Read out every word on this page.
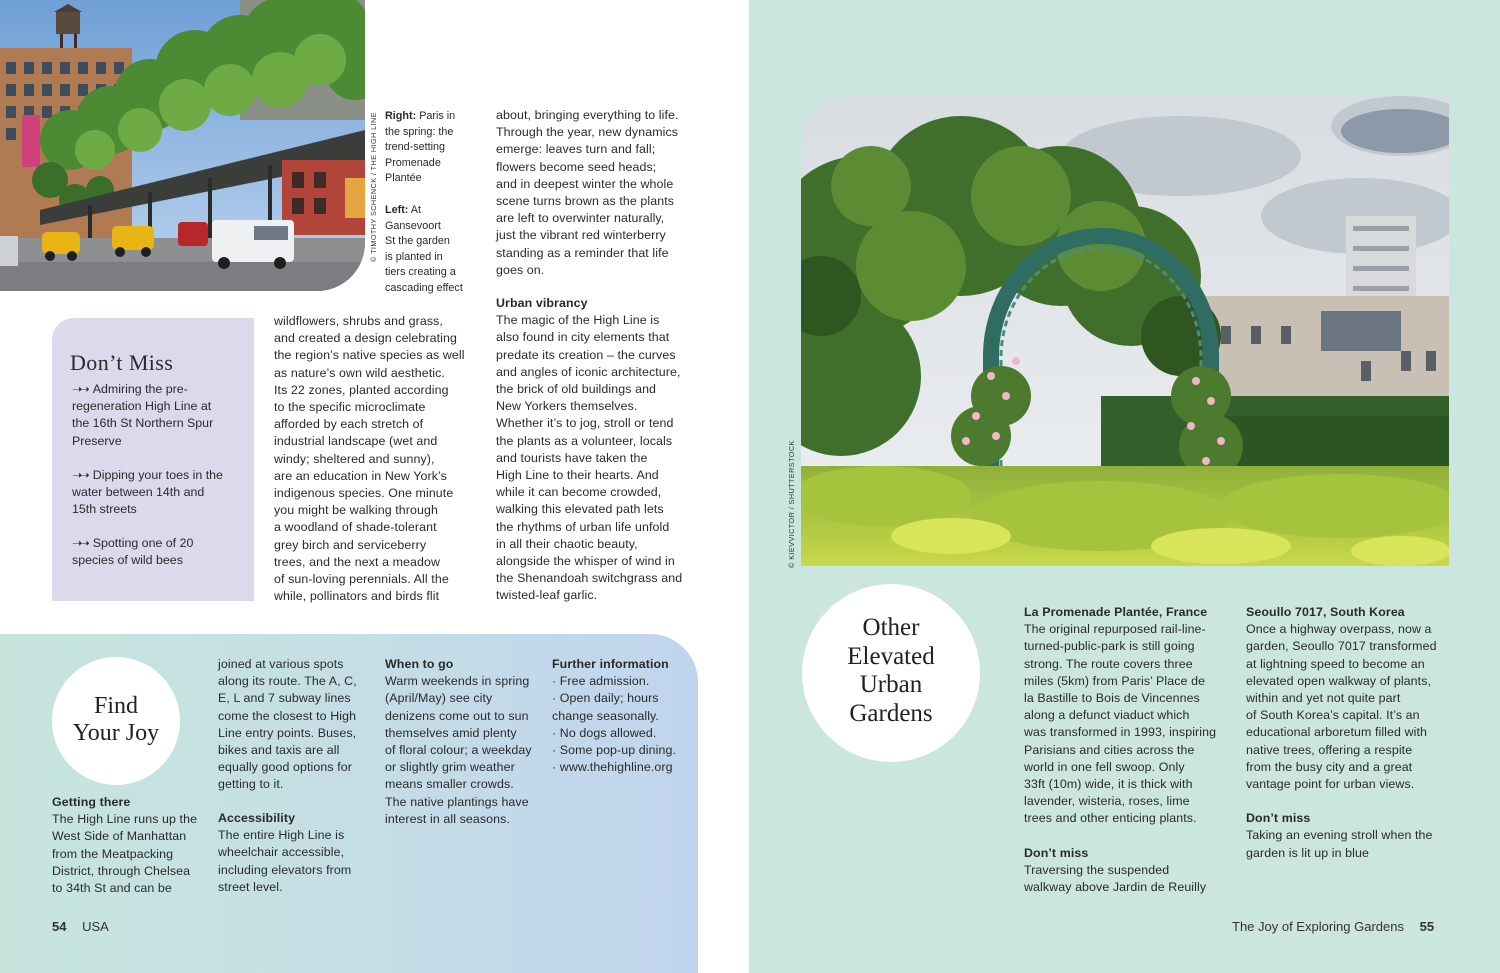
© TIMOTHY SCHENCK / THE HIGH LINE Right: Paris in
the spring: the
trend-setting
Promenade
Plantée
Left: At
Gansevoort
St the garden
is planted in
tiers creating a
cascading effect
wildflowers, shrubs and grass,
and created a design celebrating
the region’s native species as well
as nature’s own wild aesthetic.
Its 22 zones, planted according
to the specific microclimate
afforded by each stretch of
industrial landscape (wet and
windy; sheltered and sunny),
are an education in New York’s
indigenous species. One minute
you might be walking through
a woodland of shade-tolerant
grey birch and serviceberry
trees, and the next a meadow
of sun-loving perennials. All the
while, pollinators and birds flit
about, bringing everything to life.
Through the year, new dynamics
emerge: leaves turn and fall;
flowers become seed heads;
and in deepest winter the whole
scene turns brown as the plants
are left to overwinter naturally,
just the vibrant red winterberry
standing as a reminder that life
goes on.
Urban vibrancy
The magic of the High Line is
also found in city elements that
predate its creation – the curves
and angles of iconic architecture,
the brick of old buildings and
New Yorkers themselves.
Whether it’s to jog, stroll or tend
the plants as a volunteer, locals
and tourists have taken the
High Line to their hearts. And
while it can become crowded,
walking this elevated path lets
the rhythms of urban life unfold
in all their chaotic beauty,
alongside the whisper of wind in
the Shenandoah switchgrass and
twisted-leaf garlic.
Don’t Miss
➝➝ Admiring the pre-
regeneration High Line at
the 16th St Northern Spur
Preserve
➝➝ Dipping your toes in the
water between 14th and
15th streets
➝➝ Spotting one of 20
species of wild bees
Find
Your Joy
Getting there
The High Line runs up the
West Side of Manhattan
from the Meatpacking
District, through Chelsea
to 34th St and can be
joined at various spots
along its route. The A, C,
E, L and 7 subway lines
come the closest to High
Line entry points. Buses,
bikes and taxis are all
equally good options for
getting to it.
Accessibility
The entire High Line is
wheelchair accessible,
including elevators from
street level.
When to go
Warm weekends in spring
(April/May) see city
denizens come out to sun
themselves amid plenty
of floral colour; a weekday
or slightly grim weather
means smaller crowds.
The native plantings have
interest in all seasons.
Further information
· Free admission.
· Open daily; hours
change seasonally.
· No dogs allowed.
· Some pop-up dining.
· www.thehighline.org
54 USA
© KIEVVICTOR / SHUTTERSTOCK
Other
Elevated
Urban
Gardens
La Promenade Plantée, France
The original repurposed rail-line-
turned-public-park is still going
strong. The route covers three
miles (5km) from Paris’ Place de
la Bastille to Bois de Vincennes
along a defunct viaduct which
was transformed in 1993, inspiring
Parisians and cities across the
world in one fell swoop. Only
33ft (10m) wide, it is thick with
lavender, wisteria, roses, lime
trees and other enticing plants.
Don’t miss
Traversing the suspended
walkway above Jardin de Reuilly
Seoullo 7017, South Korea
Once a highway overpass, now a
garden, Seoullo 7017 transformed
at lightning speed to become an
elevated open walkway of plants,
within and yet not quite part
of South Korea’s capital. It’s an
educational arboretum filled with
native trees, offering a respite
from the busy city and a great
vantage point for urban views.
Don’t miss
Taking an evening stroll when the
garden is lit up in blue
The Joy of Exploring Gardens 55
